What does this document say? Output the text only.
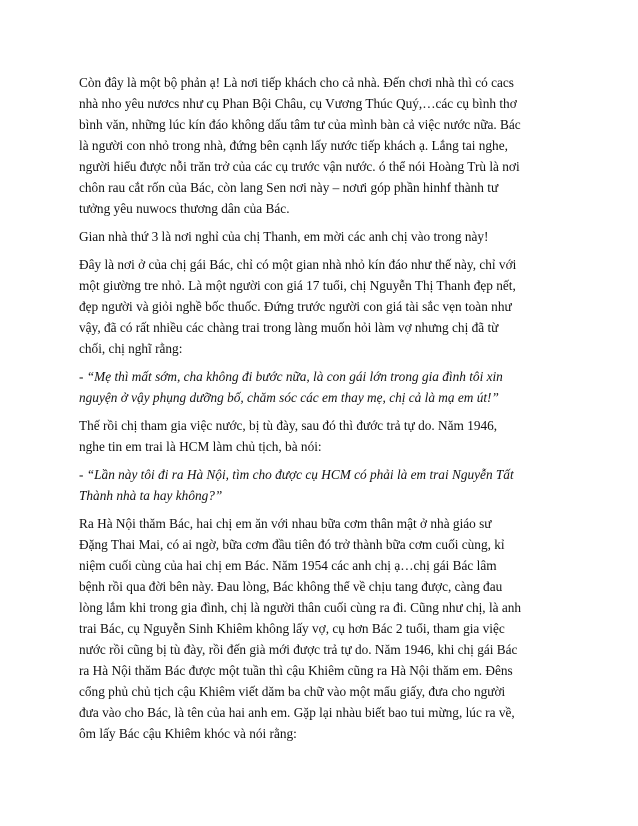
Còn đây là một bộ phản ạ! Là nơi tiếp khách cho cả nhà. Đến chơi nhà thì có cacs
nhà nho yêu nươcs như cụ Phan Bội Châu, cụ Vương Thúc Quý,…các cụ bình thơ
bình văn, những lúc kín đáo không dấu tâm tư của mình bàn cả việc nước nữa. Bác
là người con nhỏ trong nhà, đứng bên cạnh lấy nước tiếp khách ạ. Lắng tai nghe,
người hiểu được nỗi trăn trở của các cụ trước vận nước. ó thể nói Hoàng Trù là nơi
chôn rau cắt rốn của Bác, còn lang Sen nơi này – nơưi góp phần hinhf thành tư
tưởng yêu nuwocs thương dân của Bác.

Gian nhà thứ 3 là nơi nghỉ của chị Thanh, em mời các anh chị vào trong này!

Đây là nơi ở của chị gái Bác, chỉ có một gian nhà nhỏ kín đáo như thế này, chỉ với
một giường tre nhỏ. Là một người con giá 17 tuổi, chị Nguyễn Thị Thanh đẹp nết,
đẹp người và giỏi nghề bốc thuốc. Đứng trước người con giá tài sắc vẹn toàn như
vậy, đã có rất nhiều các chàng trai trong làng muốn hỏi làm vợ nhưng chị đã từ
chối, chị nghĩ rằng:

- “Mẹ thì mất sớm, cha không đi bước nữa, là con gái lớn trong gia đình tôi xin
nguyện ở vậy phụng dưỡng bố, chăm sóc các em thay mẹ, chị cả là mạ em út!”

Thế rồi chị tham gia việc nước, bị tù đày, sau đó thì đước trả tự do. Năm 1946,
nghe tin em trai là HCM làm chủ tịch, bà nói:

- “Lần này tôi đi ra Hà Nội, tìm cho được cụ HCM có phải là em trai Nguyễn Tất
Thành nhà ta hay không?”

Ra Hà Nội thăm Bác, hai chị em ăn với nhau bữa cơm thân mật ở nhà giáo sư
Đặng Thai Mai, có ai ngờ, bữa cơm đầu tiên đó trở thành bữa cơm cuối cùng, kỉ
niệm cuối cùng của hai chị em Bác. Năm 1954 các anh chị ạ…chị gái Bác lâm
bệnh rồi qua đời bên này. Đau lòng, Bác không thể về chịu tang được, càng đau
lòng lắm khi trong gia đình, chị là người thân cuối cùng ra đi. Cũng như chị, là anh
trai Bác, cụ Nguyễn Sinh Khiêm không lấy vợ, cụ hơn Bác 2 tuổi, tham gia việc
nước rồi cũng bị tù đày, rồi đến già mới được trả tự do. Năm 1946, khi chị gái Bác
ra Hà Nội thăm Bác được một tuần thì cậu Khiêm cũng ra Hà Nội thăm em. Đêns
cổng phủ chủ tịch cậu Khiêm viết dăm ba chữ vào một mẩu giấy, đưa cho người
đưa vào cho Bác, là tên của hai anh em. Gặp lại nhàu biết bao tui mừng, lúc ra về,
ôm lấy Bác cậu Khiêm khóc và nói rằng:
